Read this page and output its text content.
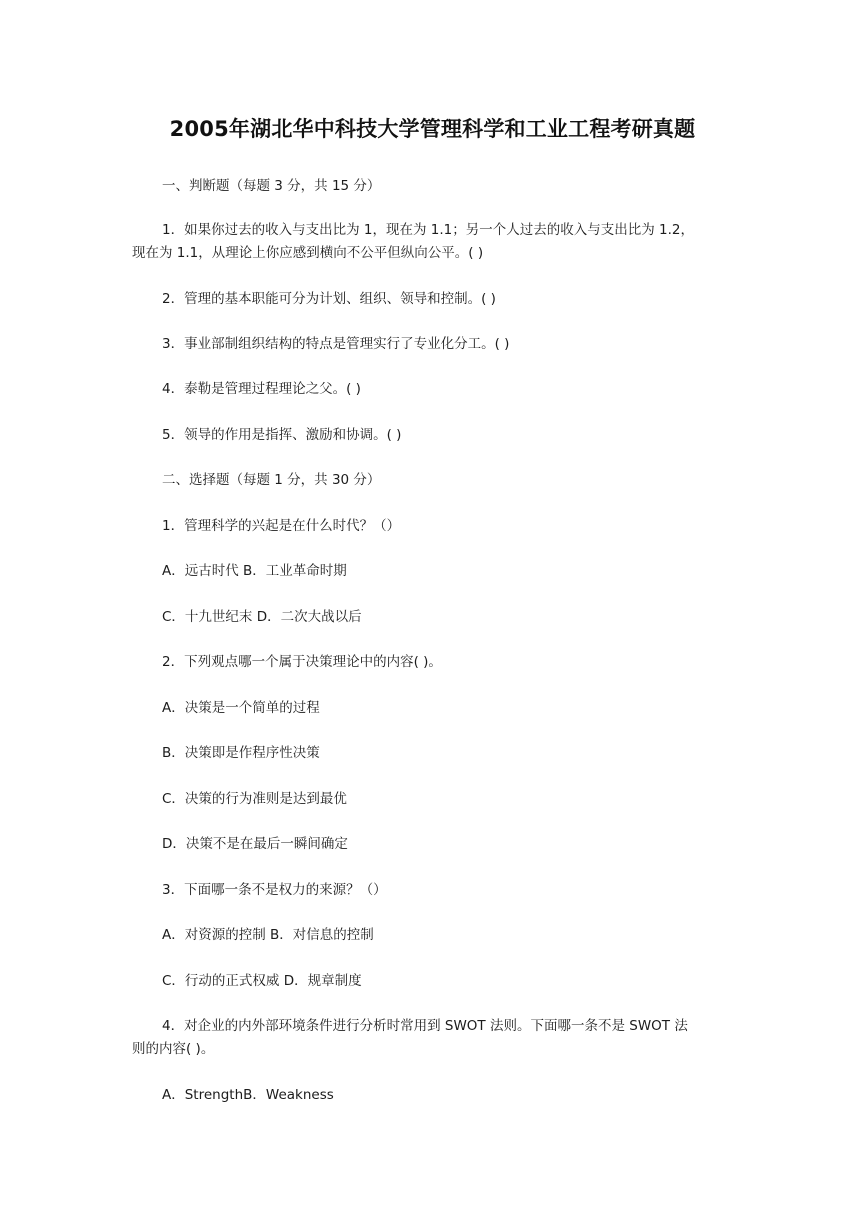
2005年湖北华中科技大学管理科学和工业工程考研真题
一、判断题（每题 3 分，共 15 分）
1．如果你过去的收入与支出比为 1，现在为 1.1；另一个人过去的收入与支出比为 1.2，
现在为 1.1，从理论上你应感到横向不公平但纵向公平。( )
2．管理的基本职能可分为计划、组织、领导和控制。( )
3．事业部制组织结构的特点是管理实行了专业化分工。( )
4．泰勒是管理过程理论之父。( )
5．领导的作用是指挥、激励和协调。( )
二、选择题（每题 1 分，共 30 分）
1．管理科学的兴起是在什么时代？（）
A．远古时代 B．工业革命时期
C．十九世纪末 D．二次大战以后
2．下列观点哪一个属于决策理论中的内容( )。
A．决策是一个简单的过程
B．决策即是作程序性决策
C．决策的行为准则是达到最优
D．决策不是在最后一瞬间确定
3．下面哪一条不是权力的来源？（）
A．对资源的控制 B．对信息的控制
C．行动的正式权威 D．规章制度
4．对企业的内外部环境条件进行分析时常用到 SWOT 法则。下面哪一条不是 SWOT 法
则的内容( )。
A．StrengthB．Weakness
